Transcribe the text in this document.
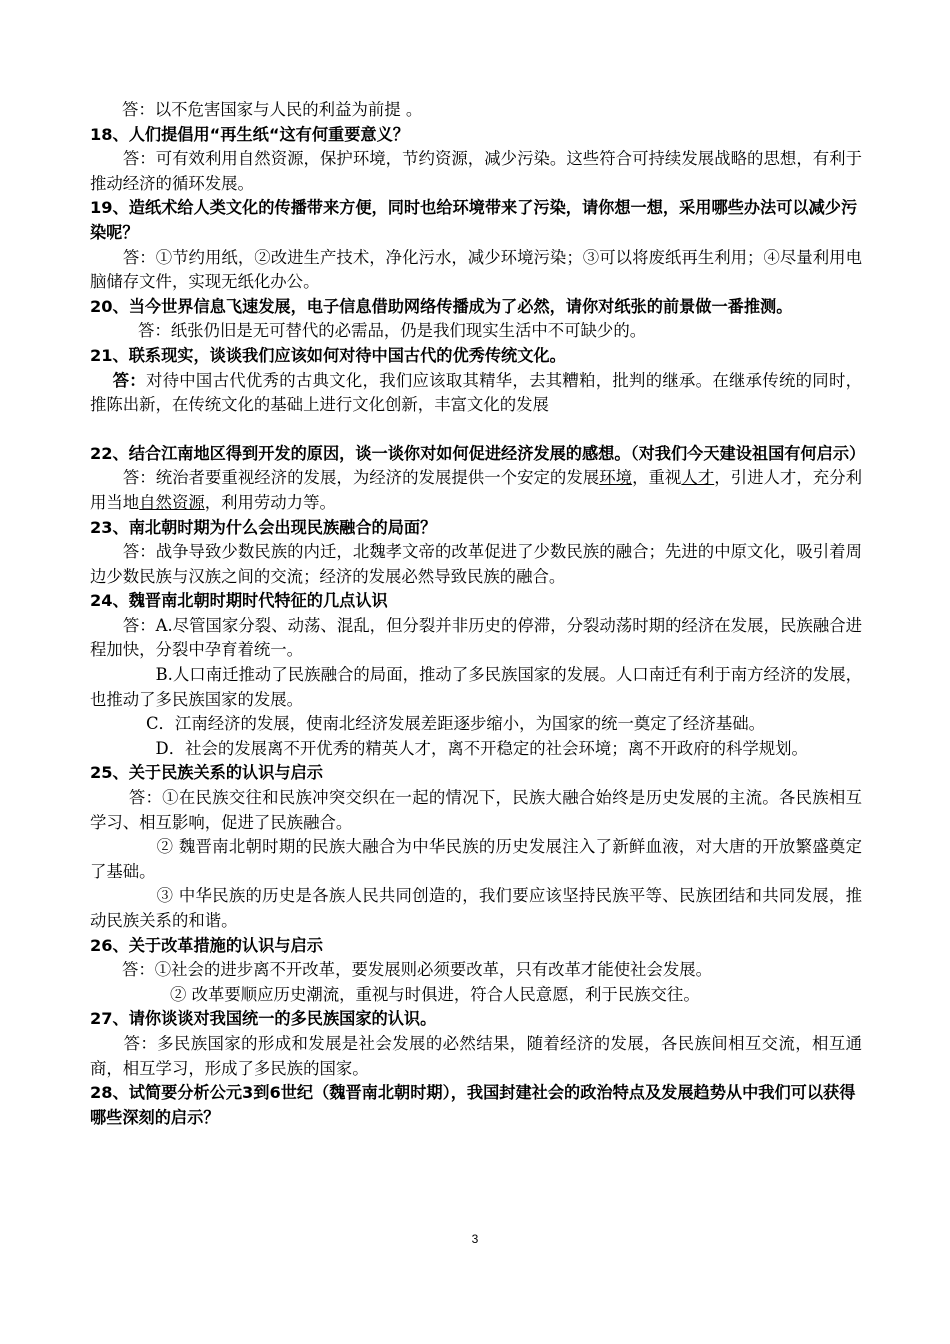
答：以不危害国家与人民的利益为前提 。

18、人们提倡用“再生纸“这有何重要意义？

　　答：可有效利用自然资源，保护环境，节约资源，减少污染。这些符合可持续发展战略的思想，有利于推动经济的循环发展。

19、造纸术给人类文化的传播带来方便，同时也给环境带来了污染，请你想一想，采用哪些办法可以减少污染呢？

　　答：①节约用纸，②改进生产技术，净化污水，减少环境污染；③可以将废纸再生利用；④尽量利用电脑储存文件，实现无纸化办公。

20、当今世界信息飞速发展，电子信息借助网络传播成为了必然，请你对纸张的前景做一番推测。

答：纸张仍旧是无可替代的必需品，仍是我们现实生活中不可缺少的。

21、联系现实，谈谈我们应该如何对待中国古代的优秀传统文化。

　 答：对待中国古代优秀的古典文化，我们应该取其精华，去其糟粕，批判的继承。在继承传统的同时，推陈出新，在传统文化的基础上进行文化创新，丰富文化的发展

22、结合江南地区得到开发的原因，谈一谈你对如何促进经济发展的感想。（对我们今天建设祖国有何启示）

　　答：统治者要重视经济的发展，为经济的发展提供一个安定的发展环境，重视人才，引进人才，充分利用当地自然资源，利用劳动力等。

23、南北朝时期为什么会出现民族融合的局面？

　　答：战争导致少数民族的内迁，北魏孝文帝的改革促进了少数民族的融合；先进的中原文化，吸引着周边少数民族与汉族之间的交流；经济的发展必然导致民族的融合。

24、魏晋南北朝时期时代特征的几点认识

　　答：A.尽管国家分裂、动荡、混乱，但分裂并非历史的停滞，分裂动荡时期的经济在发展，民族融合进程加快，分裂中孕育着统一。

　　　　B.人口南迁推动了民族融合的局面，推动了多民族国家的发展。人口南迁有利于南方经济的发展，也推动了多民族国家的发展。

C．江南经济的发展，使南北经济发展差距逐步缩小，为国家的统一奠定了经济基础。

　　　　D．社会的发展离不开优秀的精英人才，离不开稳定的社会环境；离不开政府的科学规划。

25、关于民族关系的认识与启示

　　 答：①在民族交往和民族冲突交织在一起的情况下，民族大融合始终是历史发展的主流。各民族相互学习、相互影响，促进了民族融合。

　　　　② 魏晋南北朝时期的民族大融合为中华民族的历史发展注入了新鲜血液，对大唐的开放繁盛奠定了基础。

　　　　③ 中华民族的历史是各族人民共同创造的，我们要应该坚持民族平等、民族团结和共同发展，推动民族关系的和谐。

26、关于改革措施的认识与启示

答：①社会的进步离不开改革，要发展则必须要改革，只有改革才能使社会发展。

② 改革要顺应历史潮流，重视与时俱进，符合人民意愿，利于民族交往。

27、请你谈谈对我国统一的多民族国家的认识。

　　答：多民族国家的形成和发展是社会发展的必然结果，随着经济的发展，各民族间相互交流，相互通商，相互学习，形成了多民族的国家。

28、试简要分析公元3到6世纪（魏晋南北朝时期），我国封建社会的政治特点及发展趋势从中我们可以获得哪些深刻的启示？

3
